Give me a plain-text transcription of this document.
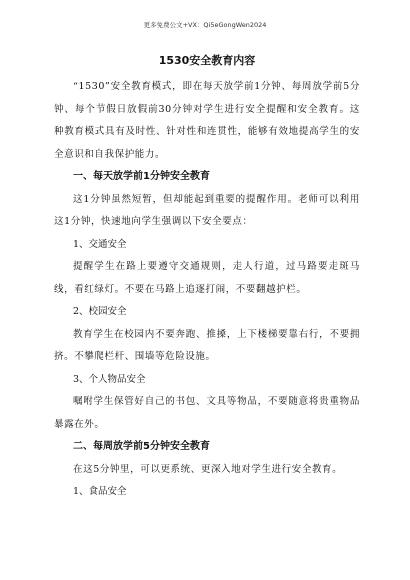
更多免费公文+VX：Qi5eGongWen2024
1530安全教育内容

“1530”安全教育模式，即在每天放学前1分钟、每周放学前5分钟、每个节假日放假前30分钟对学生进行安全提醒和安全教育。这种教育模式具有及时性、针对性和连贯性，能够有效地提高学生的安全意识和自我保护能力。

一、每天放学前1分钟安全教育

这1分钟虽然短暂，但却能起到重要的提醒作用。老师可以利用这1分钟，快速地向学生强调以下安全要点：

1、交通安全

提醒学生在路上要遵守交通规则，走人行道，过马路要走斑马线，看红绿灯。不要在马路上追逐打闹，不要翻越护栏。

2、校园安全

教育学生在校园内不要奔跑、推搡，上下楼梯要靠右行，不要拥挤。不攀爬栏杆、围墙等危险设施。

3、个人物品安全

嘱咐学生保管好自己的书包、文具等物品，不要随意将贵重物品暴露在外。

二、每周放学前5分钟安全教育

在这5分钟里，可以更系统、更深入地对学生进行安全教育。

1、食品安全
